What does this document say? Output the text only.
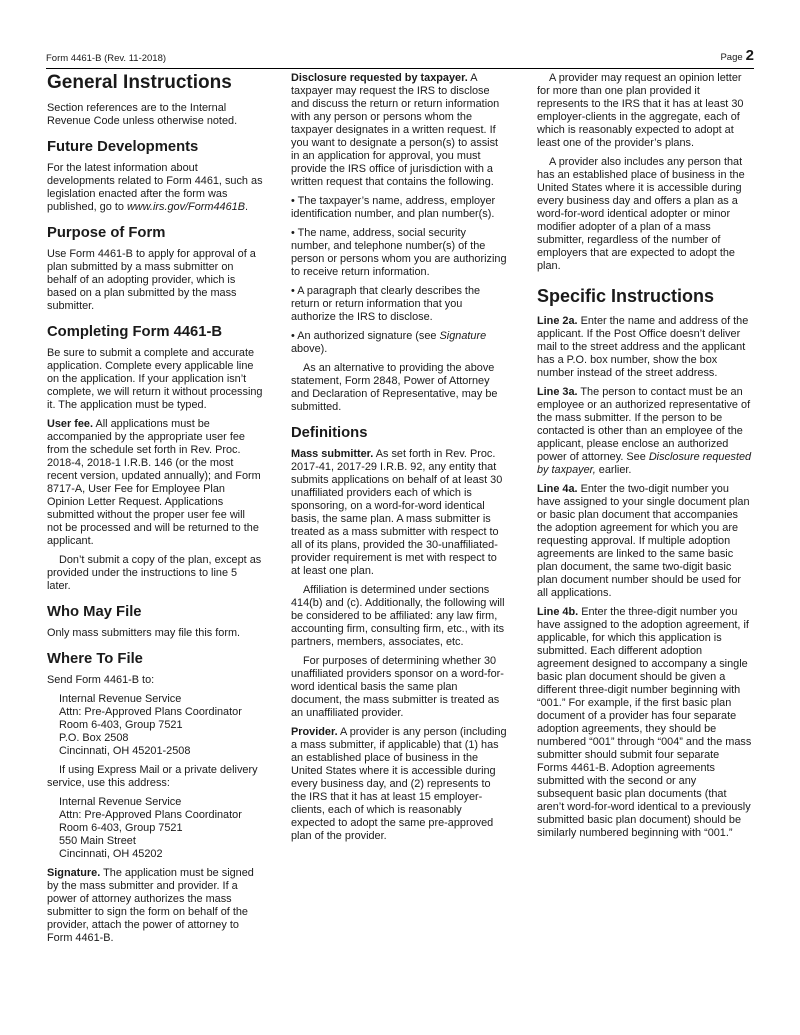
Form 4461-B (Rev. 11-2018)	Page 2
General Instructions

Section references are to the Internal Revenue Code unless otherwise noted.

Future Developments

For the latest information about developments related to Form 4461, such as legislation enacted after the form was published, go to www.irs.gov/Form4461B.

Purpose of Form

Use Form 4461-B to apply for approval of a plan submitted by a mass submitter on behalf of an adopting provider, which is based on a plan submitted by the mass submitter.

Completing Form 4461-B

Be sure to submit a complete and accurate application. Complete every applicable line on the application. If your application isn’t complete, we will return it without processing it. The application must be typed.

User fee. All applications must be accompanied by the appropriate user fee from the schedule set forth in Rev. Proc. 2018-4, 2018-1 I.R.B. 146 (or the most recent version, updated annually); and Form 8717-A, User Fee for Employee Plan Opinion Letter Request. Applications submitted without the proper user fee will not be processed and will be returned to the applicant.

Don’t submit a copy of the plan, except as provided under the instructions to line 5 later.

Who May File

Only mass submitters may file this form.

Where To File

Send Form 4461-B to:

Internal Revenue Service
Attn: Pre-Approved Plans Coordinator
Room 6-403, Group 7521
P.O. Box 2508
Cincinnati, OH 45201-2508

If using Express Mail or a private delivery service, use this address:

Internal Revenue Service
Attn: Pre-Approved Plans Coordinator
Room 6-403, Group 7521
550 Main Street
Cincinnati, OH 45202

Signature. The application must be signed by the mass submitter and provider. If a power of attorney authorizes the mass submitter to sign the form on behalf of the provider, attach the power of attorney to Form 4461-B.

Disclosure requested by taxpayer. A taxpayer may request the IRS to disclose and discuss the return or return information with any person or persons whom the taxpayer designates in a written request. If you want to designate a person(s) to assist in an application for approval, you must provide the IRS office of jurisdiction with a written request that contains the following.

• The taxpayer’s name, address, employer identification number, and plan number(s).

• The name, address, social security number, and telephone number(s) of the person or persons whom you are authorizing to receive return information.

• A paragraph that clearly describes the return or return information that you authorize the IRS to disclose.

• An authorized signature (see Signature above).

As an alternative to providing the above statement, Form 2848, Power of Attorney and Declaration of Representative, may be submitted.

Definitions

Mass submitter. As set forth in Rev. Proc. 2017-41, 2017-29 I.R.B. 92, any entity that submits applications on behalf of at least 30 unaffiliated providers each of which is sponsoring, on a word-for-word identical basis, the same plan. A mass submitter is treated as a mass submitter with respect to all of its plans, provided the 30-unaffiliated-provider requirement is met with respect to at least one plan.

Affiliation is determined under sections 414(b) and (c). Additionally, the following will be considered to be affiliated: any law firm, accounting firm, consulting firm, etc., with its partners, members, associates, etc.

For purposes of determining whether 30 unaffiliated providers sponsor on a word-for-word identical basis the same plan document, the mass submitter is treated as an unaffiliated provider.

Provider. A provider is any person (including a mass submitter, if applicable) that (1) has an established place of business in the United States where it is accessible during every business day, and (2) represents to the IRS that it has at least 15 employer-clients, each of which is reasonably expected to adopt the same pre-approved plan of the provider.

A provider may request an opinion letter for more than one plan provided it represents to the IRS that it has at least 30 employer-clients in the aggregate, each of which is reasonably expected to adopt at least one of the provider’s plans.

A provider also includes any person that has an established place of business in the United States where it is accessible during every business day and offers a plan as a word-for-word identical adopter or minor modifier adopter of a plan of a mass submitter, regardless of the number of employers that are expected to adopt the plan.

Specific Instructions

Line 2a. Enter the name and address of the applicant. If the Post Office doesn’t deliver mail to the street address and the applicant has a P.O. box number, show the box number instead of the street address.

Line 3a. The person to contact must be an employee or an authorized representative of the mass submitter. If the person to be contacted is other than an employee of the applicant, please enclose an authorized power of attorney. See Disclosure requested by taxpayer, earlier.

Line 4a. Enter the two-digit number you have assigned to your single document plan or basic plan document that accompanies the adoption agreement for which you are requesting approval. If multiple adoption agreements are linked to the same basic plan document, the same two-digit basic plan document number should be used for all applications.

Line 4b. Enter the three-digit number you have assigned to the adoption agreement, if applicable, for which this application is submitted. Each different adoption agreement designed to accompany a single basic plan document should be given a different three-digit number beginning with “001.” For example, if the first basic plan document of a provider has four separate adoption agreements, they should be numbered “001” through “004” and the mass submitter should submit four separate Forms 4461-B. Adoption agreements submitted with the second or any subsequent basic plan documents (that aren’t word-for-word identical to a previously submitted basic plan document) should be similarly numbered beginning with “001.”
